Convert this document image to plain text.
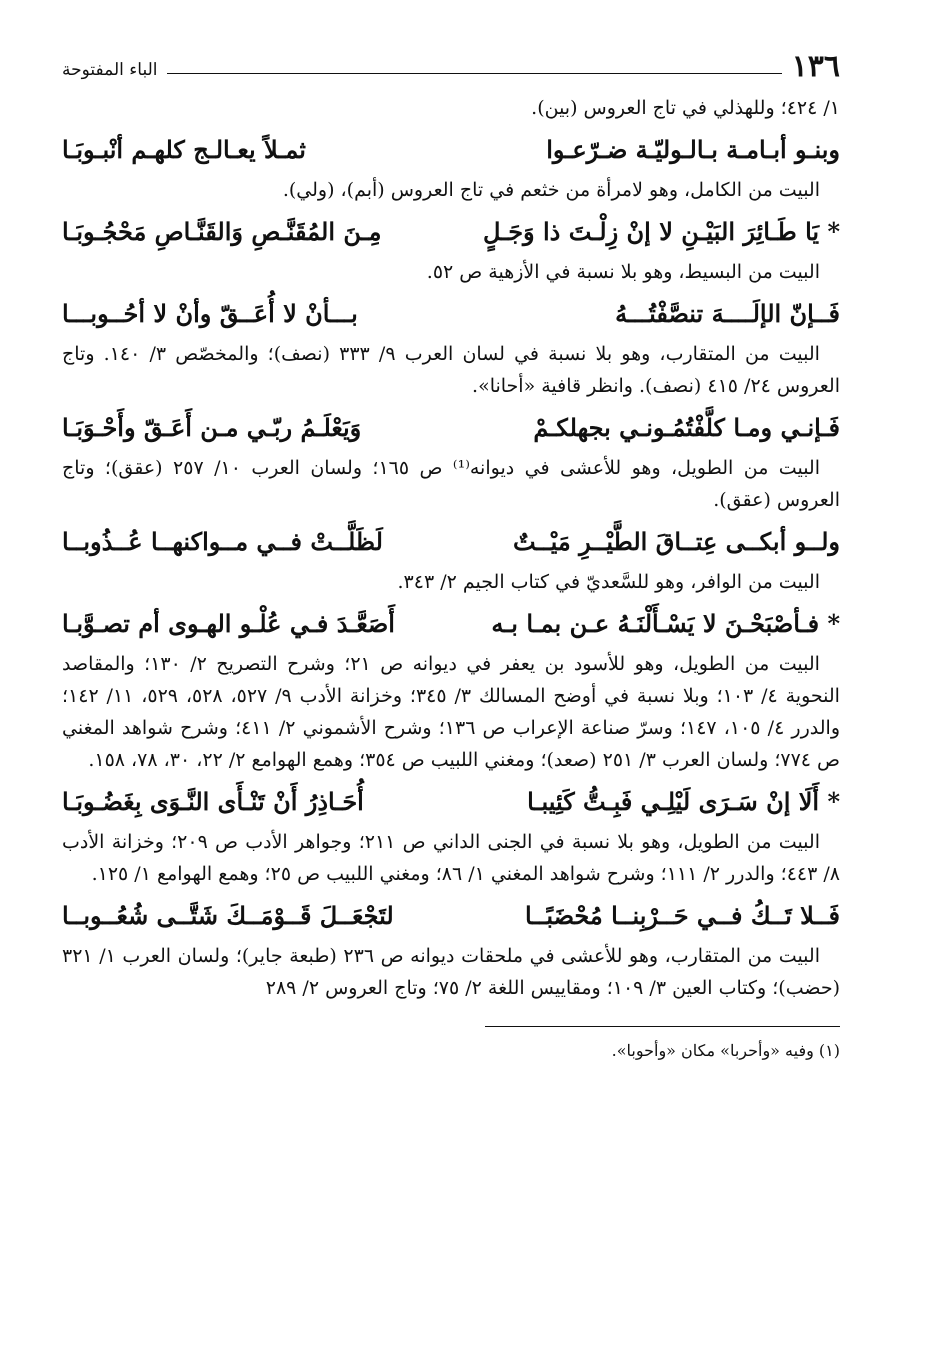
١٣٦
الباء المفتوحة

١/ ٤٢٤؛ وللهذلي في تاج العروس (بين).

وبنـو أبـامـة بـالـوليّـة ضـرّعـوا
ثمـلاً يعـالـج كلهـم أنْبـوبَـا

البيت من الكامل، وهو لامرأة من خثعم في تاج العروس (أبم)، (ولي).

* يَا طَـائِرَ البَيْـنِ لا إنْ زِلْـتَ ذا وَجَـلٍ
مِـنَ المُقَنَّـصِ وَالقَنَّـاصِ مَحْجُـوبَـا

البيت من البسيط، وهو بلا نسبة في الأزهية ص ٥٢.

فَــإنّ الإلَــــهَ تنصَّفْتُـــهُ
بـــأنْ لا أُعَــقّ وأنْ لا أحُــوبـــا

البيت من المتقارب، وهو بلا نسبة في لسان العرب ٩/ ٣٣٣ (نصف)؛ والمخصّص ٣/ ١٤٠. وتاج العروس ٢٤/ ٤١٥ (نصف). وانظر قافية «أحانا».

فَـإنـي ومـا كلَّفْتُمُـونـي بجهلكـمْ
وَيَعْلَـمُ ربّـي مـن أَعَـقّ وأَحْـوَبَـا

البيت من الطويل، وهو للأعشى في ديوانه⁽¹⁾ ص ١٦٥؛ ولسان العرب ١٠/ ٢٥٧ (عقق)؛ وتاج العروس (عقق).

ولــو أبكــى عِتــاقَ الطَّيْــرِ مَيْــتٌ
لَظَلَّــتْ فــي مــواكنهــا عُــذُوبــا

البيت من الوافر، وهو للسَّعديّ في كتاب الجيم ٢/ ٣٤٣.

* فـأصْبَحْـنَ لا يَسْـأَلْنَـهُ عـن بمـا بـه
أَصَعَّـدَ فـي عُلْـو الهـوى أم تصـوَّبـا

البيت من الطويل، وهو للأسود بن يعفر في ديوانه ص ٢١؛ وشرح التصريح ٢/ ١٣٠؛ والمقاصد النحوية ٤/ ١٠٣؛ وبلا نسبة في أوضح المسالك ٣/ ٣٤٥؛ وخزانة الأدب ٩/ ٥٢٧، ٥٢٨، ٥٢٩، ١١/ ١٤٢؛ والدرر ٤/ ١٠٥، ١٤٧؛ وسرّ صناعة الإعراب ص ١٣٦؛ وشرح الأشموني ٢/ ٤١١؛ وشرح شواهد المغني ص ٧٧٤؛ ولسان العرب ٣/ ٢٥١ (صعد)؛ ومغني اللبيب ص ٣٥٤؛ وهمع الهوامع ٢/ ٢٢، ٣٠، ٧٨، ١٥٨.

* أَلَا إنْ سَـرَى لَيْلِـي فَبِـتُّ كَئِيبـا
أُحَـاذِرُ أَنْ تَنْـأَى النَّـوَى بِغَضُـوبَـا

البيت من الطويل، وهو بلا نسبة في الجنى الداني ص ٢١١؛ وجواهر الأدب ص ٢٠٩؛ وخزانة الأدب ٨/ ٤٤٣؛ والدرر ٢/ ١١١؛ وشرح شواهد المغني ١/ ٨٦؛ ومغني اللبيب ص ٢٥؛ وهمع الهوامع ١/ ١٢٥.

فَــلا تَــكُ فــي حَــرْبِنــا مُحْضَبًــا
لتَجْعَــلَ قَــوْمَــكَ شَتَّــى شُعُــوبــا

البيت من المتقارب، وهو للأعشى في ملحقات ديوانه ص ٢٣٦ (طبعة جاير)؛ ولسان العرب ١/ ٣٢١ (حضب)؛ وكتاب العين ٣/ ١٠٩؛ ومقاييس اللغة ٢/ ٧٥؛ وتاج العروس ٢/ ٢٨٩

(١) وفيه «وأحربا» مكان «وأحوبا».
